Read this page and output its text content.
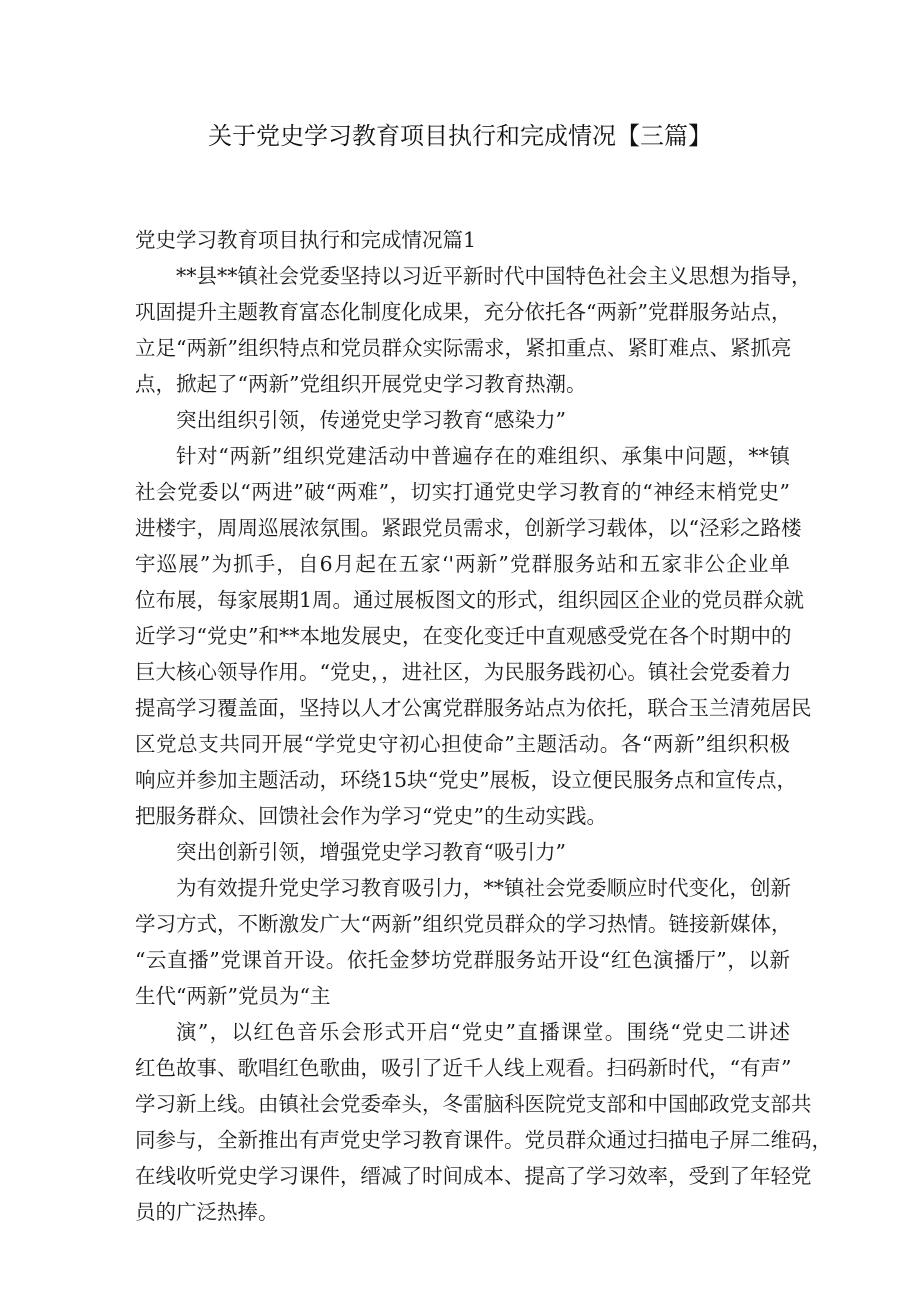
关于党史学习教育项目执行和完成情况【三篇】
党史学习教育项目执行和完成情况篇1
**县**镇社会党委坚持以习近平新时代中国特色社会主义思想为指导，
巩固提升主题教育富态化制度化成果，充分依托各“两新”党群服务站点，
立足“两新”组织特点和党员群众实际需求，紧扣重点、紧盯难点、紧抓亮
点，掀起了“两新”党组织开展党史学习教育热潮。
突出组织引领，传递党史学习教育“感染力”
针对“两新”组织党建活动中普遍存在的难组织、承集中问题，**镇
社会党委以“两进”破“两难”，切实打通党史学习教育的“神经末梢党史”
进楼宇，周周巡展浓氛围。紧跟党员需求，创新学习载体，以“泾彩之路楼
宇巡展”为抓手，自6月起在五家‘'两新”党群服务站和五家非公企业单
位布展，每家展期1周。通过展板图文的形式，组织园区企业的党员群众就
近学习“党史”和**本地发展史，在变化变迁中直观感受党在各个时期中的
巨大核心领导作用。“党史，，进社区，为民服务践初心。镇社会党委着力
提高学习覆盖面，坚持以人才公寓党群服务站点为依托，联合玉兰清苑居民
区党总支共同开展“学党史守初心担使命”主题活动。各“两新”组织积极
响应并参加主题活动，环绕15块“党史”展板，设立便民服务点和宣传点，
把服务群众、回馈社会作为学习“党史”的生动实践。
突出创新引领，增强党史学习教育“吸引力”
为有效提升党史学习教育吸引力，**镇社会党委顺应时代变化，创新
学习方式，不断激发广大“两新”组织党员群众的学习热情。链接新媒体，
“云直播”党课首开设。依托金梦坊党群服务站开设“红色演播厅”，以新
生代“两新”党员为“主
演”，以红色音乐会形式开启“党史”直播课堂。围绕“党史二讲述
红色故事、歌唱红色歌曲，吸引了近千人线上观看。扫码新时代，“有声”
学习新上线。由镇社会党委牵头，冬雷脑科医院党支部和中国邮政党支部共
同参与，全新推出有声党史学习教育课件。党员群众通过扫描电子屏二维码，
在线收听党史学习课件，缙减了时间成本、提高了学习效率，受到了年轻党
员的广泛热捧。
